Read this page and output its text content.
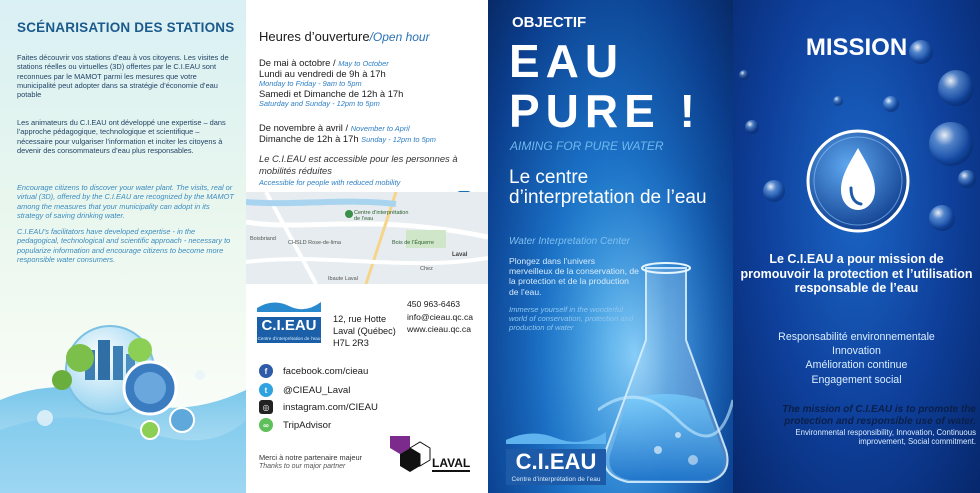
SCÉNARISATION DES STATIONS
Faites découvrir vos stations d’eau à vos citoyens. Les visites de stations réelles ou virtuelles (3D) offertes par le C.I.EAU sont reconnues par le MAMOT parmi les mesures que votre municipalité peut adopter dans sa stratégie d’économie d’eau potable
Les animateurs du C.I.EAU ont développé une expertise – dans l’approche pédagogique, technologique et scientifique – nécessaire pour vulgariser l’information et inciter les citoyens à devenir des consommateurs d’eau plus responsables.
Encourage citizens to discover your water plant. The visits, real or virtual (3D), offered by the C.I.EAU are recognized by the MAMOT among the measures that your municipality can adopt in its strategy of saving drinking water.
C.I.EAU’s facilitators have developed expertise - in the pedagogical, technological and scientific approach - necessary to popularize information and encourage citizens to become more responsible water consumers.
Heures d’ouverture/Open hour
De mai à octobre / May to October
Lundi au vendredi de 9h à 17h
Monday to Friday - 9am to 5pm
Samedi et Dimanche de 12h à 17h
Saturday and Sunday - 12pm to 5pm
De novembre à avril / November to April
Dimanche de 12h à 17h Sunday - 12pm to 5pm
Le C.I.EAU est accessible pour les personnes à mobilités réduites
Accessible for people with reduced mobility
Centre d’interprétation de l’eau
Boisbriand
CHSLD Rose-de-lima	Bois de l’Équerre
Laval
Chez
Ibaute Laval
C.I.EAU
Centre d’interprétation de l’eau
12, rue Hotte
Laval (Québec)
H7L 2R3
450 963-6463
info@cieau.qc.ca
www.cieau.qc.ca
f	facebook.com/cieau
t	@CIEAU_Laval
◎	instagram.com/CIEAU
∞	TripAdvisor
Merci à notre partenaire majeur
Thanks to our major partner	LAVAL
OBJECTIF
EAU
PURE !
AIMING FOR PURE WATER
Le centre d’interpretation de l’eau
Water Interpretation Center
Plongez dans l’univers merveilleux de la conservation, de la protection et de la production de l’eau.
Immerse yourself in the wonderful world of conservation, protection and production of water
C.I.EAU
Centre d’interprétation de l’eau
MISSION
Le C.I.EAU a pour mission de promouvoir la protection et l’utilisation responsable de l’eau
Responsabilité environnementale
Innovation
Amélioration continue
Engagement social
The mission of C.I.EAU is to promote the protection and responsible use of water.
Environmental responsibility, Innovation, Continuous improvement, Social commitment.
